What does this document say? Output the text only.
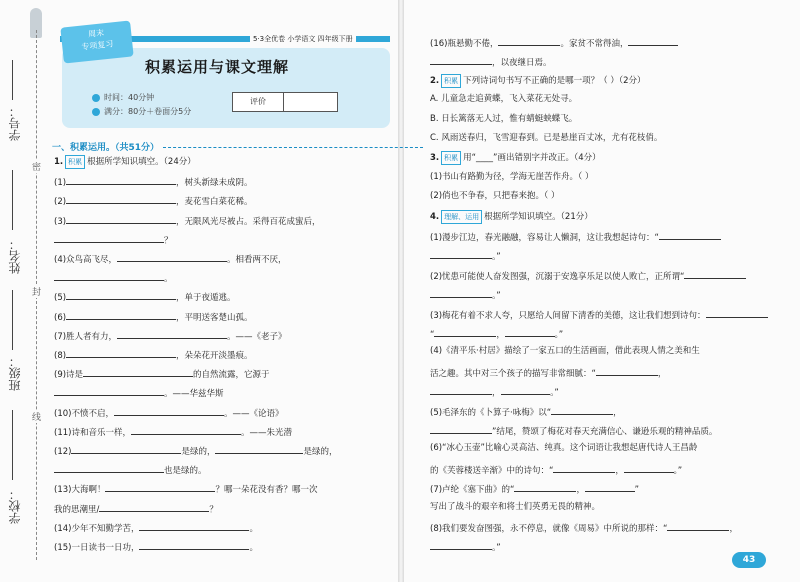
学号：
姓名：
班级：
学校：
密
封
线
5·3全优卷 小学语文 四年级下册
周末
专项复习
积累运用与课文理解
时间：40分钟
满分：80分＋卷面分5分
评价
一、积累运用。（共51分）
1. 积累 根据所学知识填空。（24分）
(1)	，树头新绿未成阴。
(2)	，麦花雪白菜花稀。
(3)	，无限风光尽被占。采得百花成蜜后，
？
(4)众鸟高飞尽，	。相看两不厌，
。
(5)	，单于夜遁逃。
(6)	，平明送客楚山孤。
(7)胜人者有力，	。——《老子》
(8)	，朵朵花开淡墨痕。
(9)诗是	的自然流露，它源于
。——华兹华斯
(10)不愤不启，	。——《论语》
(11)诗和音乐一样，	。——朱光潜
(12)	是绿的，	是绿的，
也是绿的。
(13)大海啊！	？哪一朵花没有香？哪一次
我的思潮里/	？
(14)少年不知勤学苦，	。
(15)一日读书一日功，	。
(16)瓶悬勤不倦，	。家贫不常得油，
，以夜继日焉。
2. 积累 下列诗词句书写不正确的是哪一项？（ ）（2分）
A. 儿童急走追黄蝶，飞入菜花无处寻。
B. 日长篱落无人过，惟有蜻蜓蛱蝶飞。
C. 风雨送春归，飞雪迎春到。已是悬崖百丈冰，尤有花枝俏。
3. 积累 用“____”画出错别字并改正。（4分）
(1)书山有路勤为径，学海无崖苦作舟。（ ）
(2)俏也不争春，只把春来抱。（ ）
4. 理解、运用 根据所学知识填空。（21分）
(1)漫步江边，春光融融，容易让人懒洞，这让我想起诗句：“
。”
(2)忧患可能使人奋发图强，沉溺于安逸享乐足以使人败亡，正所谓“
。”
(3)梅花有着不求人夸，只愿给人间留下清香的美德，这让我们想到诗句：
“	，	。”
(4)《清平乐·村居》描绘了一家五口的生活画面，借此表现人情之美和生
活之趣。其中对三个孩子的描写非常细腻：“	，
，	。”
(5)毛泽东的《卜算子·咏梅》以“	，
”结尾，赞颂了梅花对春天充满信心、谦逊乐观的精神品质。
(6)“冰心玉壶”比喻心灵高洁、纯真。这个词语让我想起唐代诗人王昌龄
的《芙蓉楼送辛渐》中的诗句：“	，	。”
(7)卢纶《塞下曲》的“	，	”
写出了战斗的艰辛和将士们英勇无畏的精神。
(8)我们要发奋图强，永不停息，就像《周易》中所说的那样：“	，
。”
43
